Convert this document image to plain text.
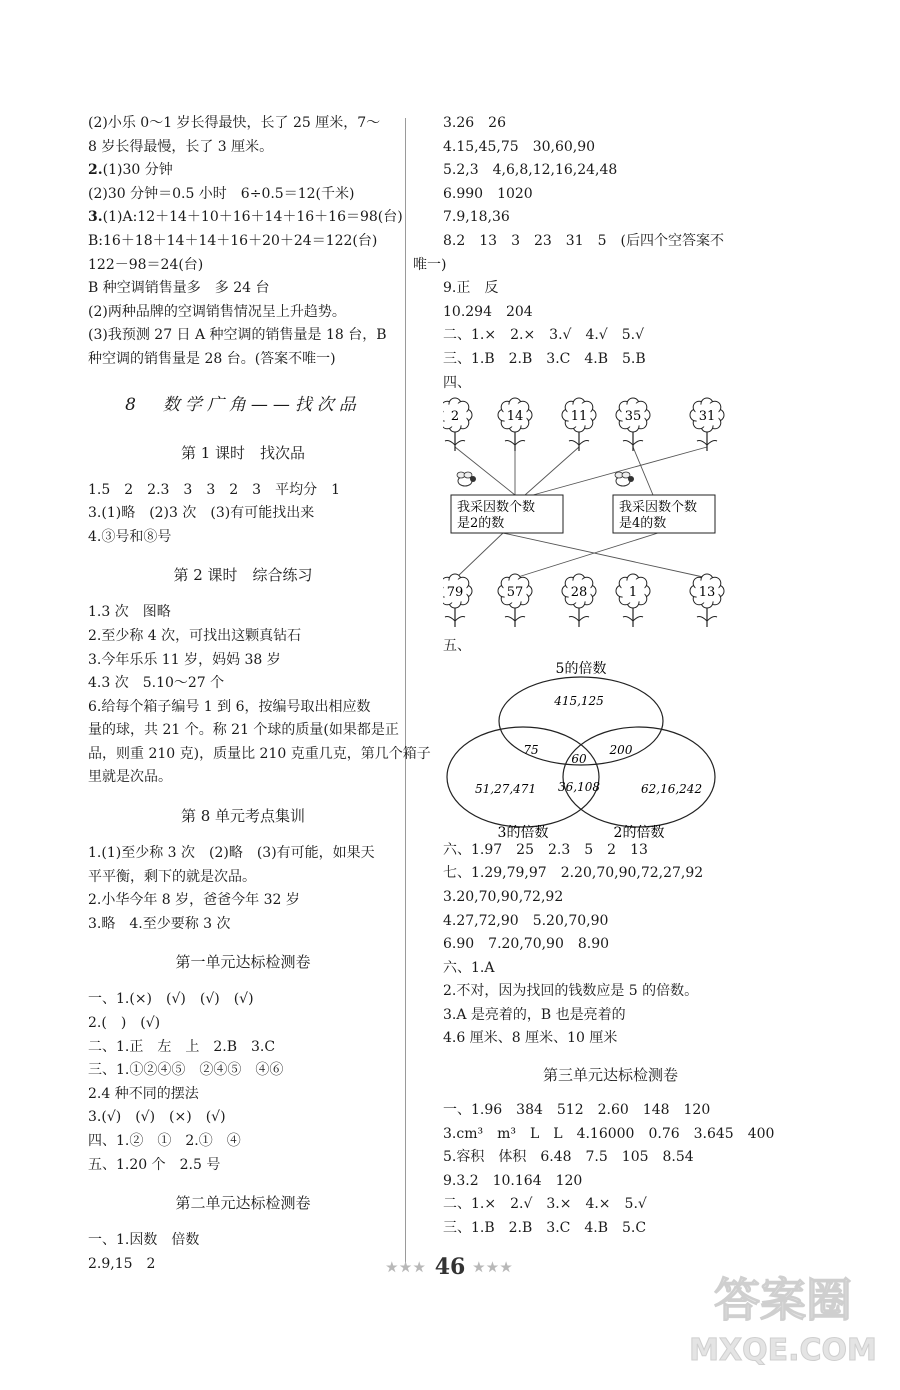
(2)小乐 0～1 岁长得最快，长了 25 厘米，7～

8 岁长得最慢，长了 3 厘米。

2.(1)30 分钟

(2)30 分钟＝0.5 小时　6÷0.5＝12(千米)

3.(1)A:12＋14＋10＋16＋14＋16＋16＝98(台)

B:16＋18＋14＋14＋16＋20＋24＝122(台)

122－98＝24(台)

B 种空调销售量多　多 24 台

(2)两种品牌的空调销售情况呈上升趋势。

(3)我预测 27 日 A 种空调的销售量是 18 台，B

种空调的销售量是 28 台。(答案不唯一)

8　数学广角——找次品

第 1 课时　找次品

1.5　2　2.3　3　3　2　3　平均分　1

3.(1)略　(2)3 次　(3)有可能找出来

4.③号和⑧号

第 2 课时　综合练习

1.3 次　图略

2.至少称 4 次，可找出这颗真钻石

3.今年乐乐 11 岁，妈妈 38 岁

4.3 次　5.10～27 个

6.给每个箱子编号 1 到 6，按编号取出相应数

量的球，共 21 个。称 21 个球的质量(如果都是正

品，则重 210 克)，质量比 210 克重几克，第几个箱子

里就是次品。

第 8 单元考点集训

1.(1)至少称 3 次　(2)略　(3)有可能，如果天

平平衡，剩下的就是次品。

2.小华今年 8 岁，爸爸今年 32 岁

3.略　4.至少要称 3 次

第一单元达标检测卷

一、1.(×)　(√)　(√)　(√)

2.(　)　(√)

二、1.正　左　上　2.B　3.C

三、1.①②④⑤　②④⑤　④⑥

2.4 种不同的摆法

3.(√)　(√)　(×)　(√)

四、1.②　①　2.①　④

五、1.20 个　2.5 号

第二单元达标检测卷

一、1.因数　倍数

2.9,15　2

3.26　26

4.15,45,75　30,60,90

5.2,3　4,6,8,12,16,24,48

6.990　1020

7.9,18,36

8.2　13　3　23　31　5　(后四个空答案不

唯一)

9.正　反

10.294　204

二、1.×　2.×　3.√　4.√　5.√

三、1.B　2.B　3.C　4.B　5.B

四、

2	14	11	35	31
79	57	28	1	13
我采因数个数
是2的数
我采因数个数
是4的数

五、

5的倍数
415,125
75	200
60
51,27,471 36,108	62,16,242
3的倍数	2的倍数

六、1.97　25　2.3　5　2　13

七、1.29,79,97　2.20,70,90,72,27,92

3.20,70,90,72,92

4.27,72,90　5.20,70,90

6.90　7.20,70,90　8.90

六、1.A

2.不对，因为找回的钱数应是 5 的倍数。

3.A 是亮着的，B 也是亮着的

4.6 厘米、8 厘米、10 厘米

第三单元达标检测卷

一、1.96　384　512　2.60　148　120

3.cm³　m³　L　L　4.16000　0.76　3.645　400

5.容积　体积　6.48　7.5　105　8.54

9.3.2　10.164　120

二、1.×　2.√　3.×　4.×　5.√

三、1.B　2.B　3.C　4.B　5.C

★★★ 46 ★★★
答案圈
MXQE.COM
